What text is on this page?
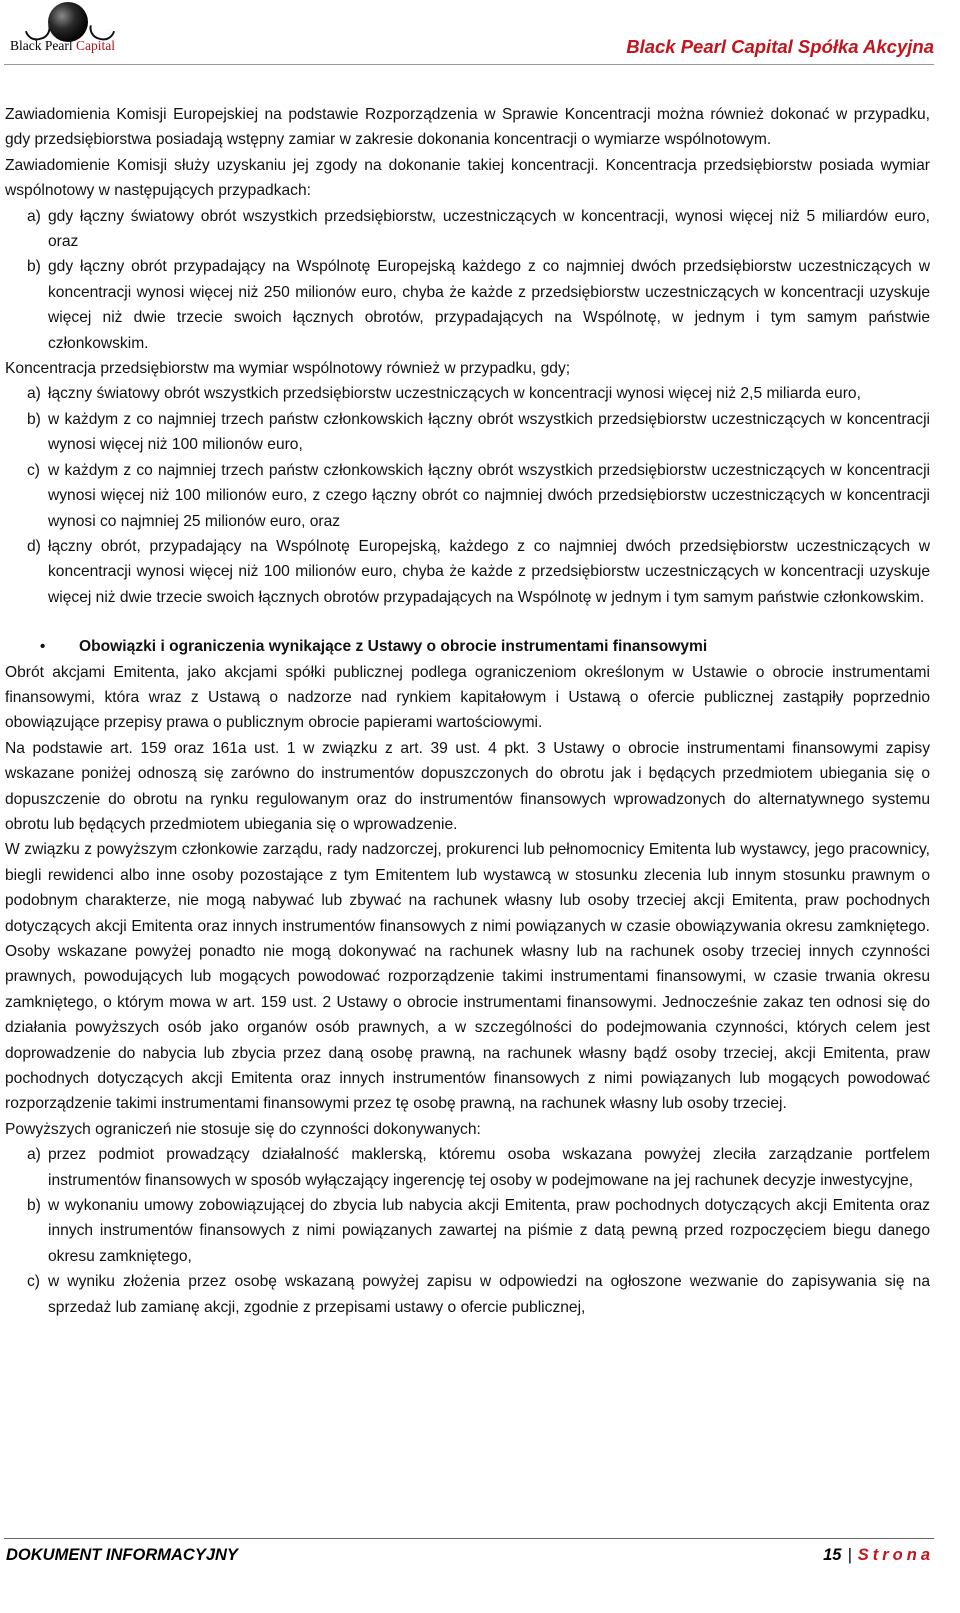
Black Pearl Capital	Black Pearl Capital Spółka Akcyjna

Zawiadomienia Komisji Europejskiej na podstawie Rozporządzenia w Sprawie Koncentracji można również dokonać w przypadku, gdy przedsiębiorstwa posiadają wstępny zamiar w zakresie dokonania koncentracji o wymiarze wspólnotowym.

Zawiadomienie Komisji służy uzyskaniu jej zgody na dokonanie takiej koncentracji. Koncentracja przedsiębiorstw posiada wymiar wspólnotowy w następujących przypadkach:

a) gdy łączny światowy obrót wszystkich przedsiębiorstw, uczestniczących w koncentracji, wynosi więcej niż 5 miliardów euro, oraz
b) gdy łączny obrót przypadający na Wspólnotę Europejską każdego z co najmniej dwóch przedsiębiorstw uczestniczących w koncentracji wynosi więcej niż 250 milionów euro, chyba że każde z przedsiębiorstw uczestniczących w koncentracji uzyskuje więcej niż dwie trzecie swoich łącznych obrotów, przypadających na Wspólnotę, w jednym i tym samym państwie członkowskim.

Koncentracja przedsiębiorstw ma wymiar wspólnotowy również w przypadku, gdy;

a) łączny światowy obrót wszystkich przedsiębiorstw uczestniczących w koncentracji wynosi więcej niż 2,5 miliarda euro,
b) w każdym z co najmniej trzech państw członkowskich łączny obrót wszystkich przedsiębiorstw uczestniczących w koncentracji wynosi więcej niż 100 milionów euro,
c) w każdym z co najmniej trzech państw członkowskich łączny obrót wszystkich przedsiębiorstw uczestniczących w koncentracji wynosi więcej niż 100 milionów euro, z czego łączny obrót co najmniej dwóch przedsiębiorstw uczestniczących w koncentracji wynosi co najmniej 25 milionów euro, oraz
d) łączny obrót, przypadający na Wspólnotę Europejską, każdego z co najmniej dwóch przedsiębiorstw uczestniczących w koncentracji wynosi więcej niż 100 milionów euro, chyba że każde z przedsiębiorstw uczestniczących w koncentracji uzyskuje więcej niż dwie trzecie swoich łącznych obrotów przypadających na Wspólnotę w jednym i tym samym państwie członkowskim.
•	Obowiązki i ograniczenia wynikające z Ustawy o obrocie instrumentami finansowymi

Obrót akcjami Emitenta, jako akcjami spółki publicznej podlega ograniczeniom określonym w Ustawie o obrocie instrumentami finansowymi, która wraz z Ustawą o nadzorze nad rynkiem kapitałowym i Ustawą o ofercie publicznej zastąpiły poprzednio obowiązujące przepisy prawa o publicznym obrocie papierami wartościowymi.

Na podstawie art. 159 oraz 161a ust. 1 w związku z art. 39 ust. 4 pkt. 3 Ustawy o obrocie instrumentami finansowymi zapisy wskazane poniżej odnoszą się zarówno do instrumentów dopuszczonych do obrotu jak i będących przedmiotem ubiegania się o dopuszczenie do obrotu na rynku regulowanym oraz do instrumentów finansowych wprowadzonych do alternatywnego systemu obrotu lub będących przedmiotem ubiegania się o wprowadzenie.

W związku z powyższym członkowie zarządu, rady nadzorczej, prokurenci lub pełnomocnicy Emitenta lub wystawcy, jego pracownicy, biegli rewidenci albo inne osoby pozostające z tym Emitentem lub wystawcą w stosunku zlecenia lub innym stosunku prawnym o podobnym charakterze, nie mogą nabywać lub zbywać na rachunek własny lub osoby trzeciej akcji Emitenta, praw pochodnych dotyczących akcji Emitenta oraz innych instrumentów finansowych z nimi powiązanych w czasie obowiązywania okresu zamkniętego. Osoby wskazane powyżej ponadto nie mogą dokonywać na rachunek własny lub na rachunek osoby trzeciej innych czynności prawnych, powodujących lub mogących powodować rozporządzenie takimi instrumentami finansowymi, w czasie trwania okresu zamkniętego, o którym mowa w art. 159 ust. 2 Ustawy o obrocie instrumentami finansowymi. Jednocześnie zakaz ten odnosi się do działania powyższych osób jako organów osób prawnych, a w szczególności do podejmowania czynności, których celem jest doprowadzenie do nabycia lub zbycia przez daną osobę prawną, na rachunek własny bądź osoby trzeciej, akcji Emitenta, praw pochodnych dotyczących akcji Emitenta oraz innych instrumentów finansowych z nimi powiązanych lub mogących powodować rozporządzenie takimi instrumentami finansowymi przez tę osobę prawną, na rachunek własny lub osoby trzeciej.

Powyższych ograniczeń nie stosuje się do czynności dokonywanych:

a) przez podmiot prowadzący działalność maklerską, któremu osoba wskazana powyżej zleciła zarządzanie portfelem instrumentów finansowych w sposób wyłączający ingerencję tej osoby w podejmowane na jej rachunek decyzje inwestycyjne,
b) w wykonaniu umowy zobowiązującej do zbycia lub nabycia akcji Emitenta, praw pochodnych dotyczących akcji Emitenta oraz innych instrumentów finansowych z nimi powiązanych zawartej na piśmie z datą pewną przed rozpoczęciem biegu danego okresu zamkniętego,
c) w wyniku złożenia przez osobę wskazaną powyżej zapisu w odpowiedzi na ogłoszone wezwanie do zapisywania się na sprzedaż lub zamianę akcji, zgodnie z przepisami ustawy o ofercie publicznej,
DOKUMENT INFORMACYJNY	15 | Strona
